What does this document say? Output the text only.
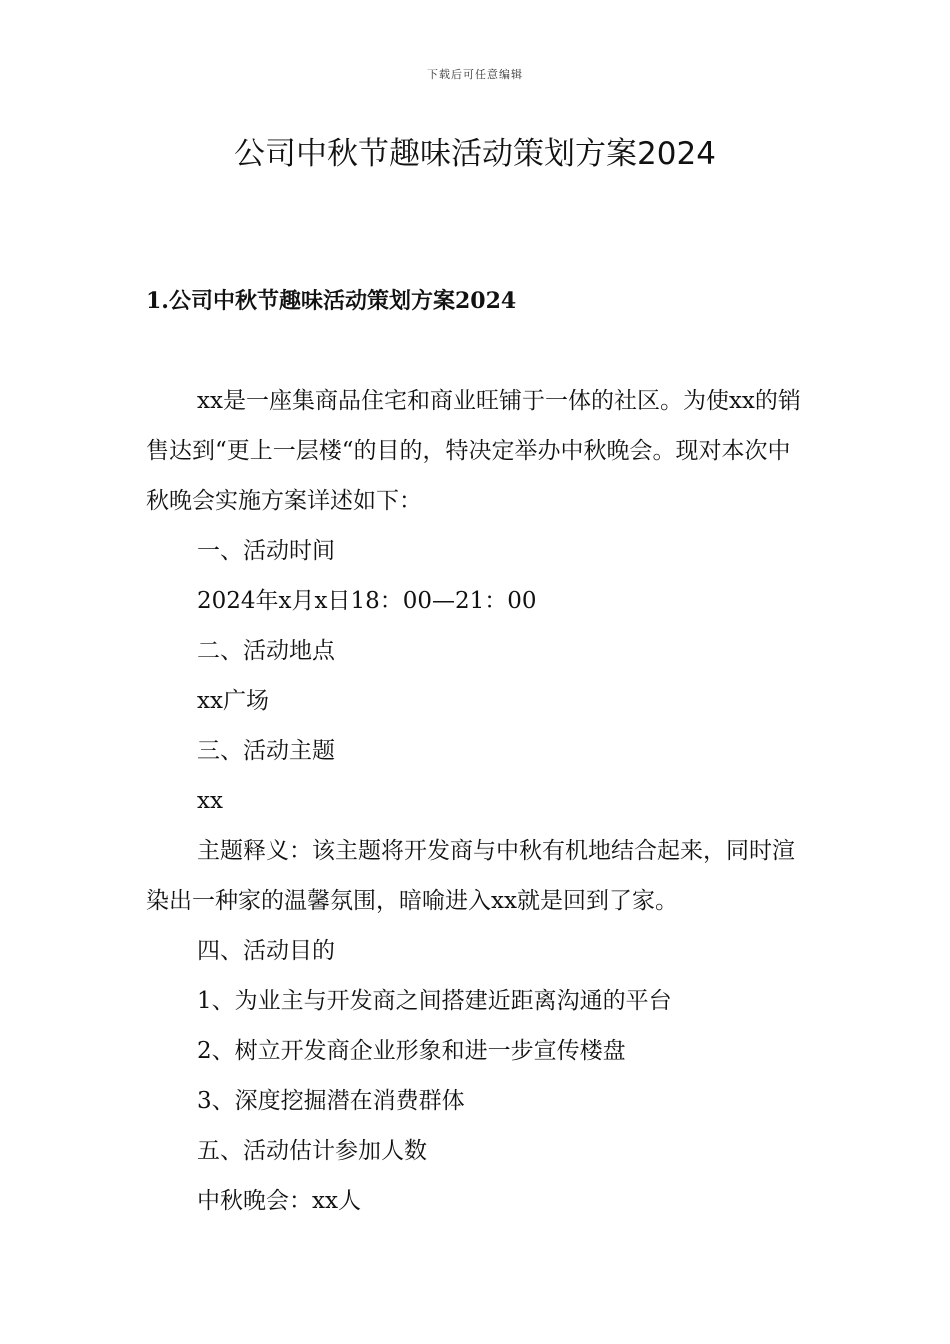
下载后可任意编辑
公司中秋节趣味活动策划方案2024
1.公司中秋节趣味活动策划方案2024

xx是一座集商品住宅和商业旺铺于一体的社区。为使xx的销售达到“更上一层楼“的目的，特决定举办中秋晚会。现对本次中秋晚会实施方案详述如下：

一、活动时间

2024年x月x日18：00—21：00

二、活动地点

xx广场

三、活动主题

xx

主题释义：该主题将开发商与中秋有机地结合起来，同时渲染出一种家的温馨氛围，暗喻进入xx就是回到了家。

四、活动目的

1、为业主与开发商之间搭建近距离沟通的平台

2、树立开发商企业形象和进一步宣传楼盘

3、深度挖掘潜在消费群体

五、活动估计参加人数

中秋晚会：xx人
